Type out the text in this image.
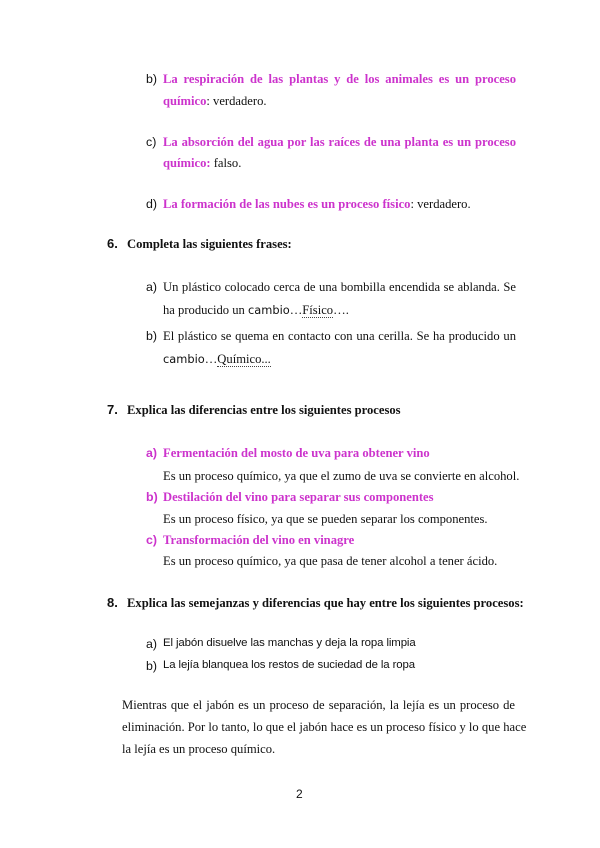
b) La respiración de las plantas y de los animales es un proceso
químico: verdadero.
c) La absorción del agua por las raíces de una planta es un proceso
químico: falso.
d) La formación de las nubes es un proceso físico: verdadero.
6. Completa las siguientes frases:
a) Un plástico colocado cerca de una bombilla encendida se ablanda. Se
ha producido un cambio…Físico….
b) El plástico se quema en contacto con una cerilla. Se ha producido un
cambio…Químico...
7. Explica las diferencias entre los siguientes procesos
a) Fermentación del mosto de uva para obtener vino
Es un proceso químico, ya que el zumo de uva se convierte en alcohol.
b) Destilación del vino para separar sus componentes
Es un proceso físico, ya que se pueden separar los componentes.
c) Transformación del vino en vinagre
Es un proceso químico, ya que pasa de tener alcohol a tener ácido.
8. Explica las semejanzas y diferencias que hay entre los siguientes procesos:
a) El jabón disuelve las manchas y deja la ropa limpia
b) La lejía blanquea los restos de suciedad de la ropa
Mientras que el jabón es un proceso de separación, la lejía es un proceso de
eliminación. Por lo tanto, lo que el jabón hace es un proceso físico y lo que hace
la lejía es un proceso químico.
2
